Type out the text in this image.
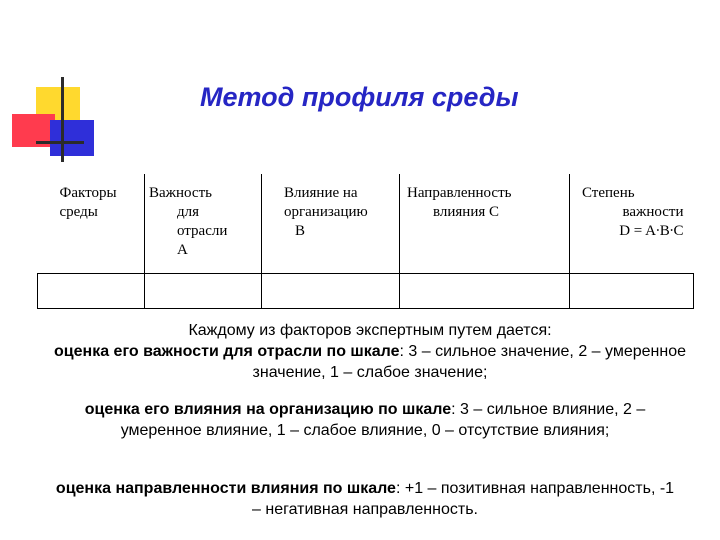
Метод профиля среды
Факторы
среды	Важность
для
отрасли
A	Влияние на
организацию
B	Направленность
влияния C	Степень
важности
D = A∙B∙C

Каждому из факторов экспертным путем дается:
оценка его важности для отрасли по шкале: 3 – сильное значение, 2 – умеренное значение, 1 – слабое значение;

оценка его влияния на организацию по шкале: 3 – сильное влияние, 2 – умеренное влияние, 1 – слабое влияние, 0 – отсутствие влияния;

оценка направленности влияния по шкале: +1 – позитивная направленность, -1 – негативная направленность.
